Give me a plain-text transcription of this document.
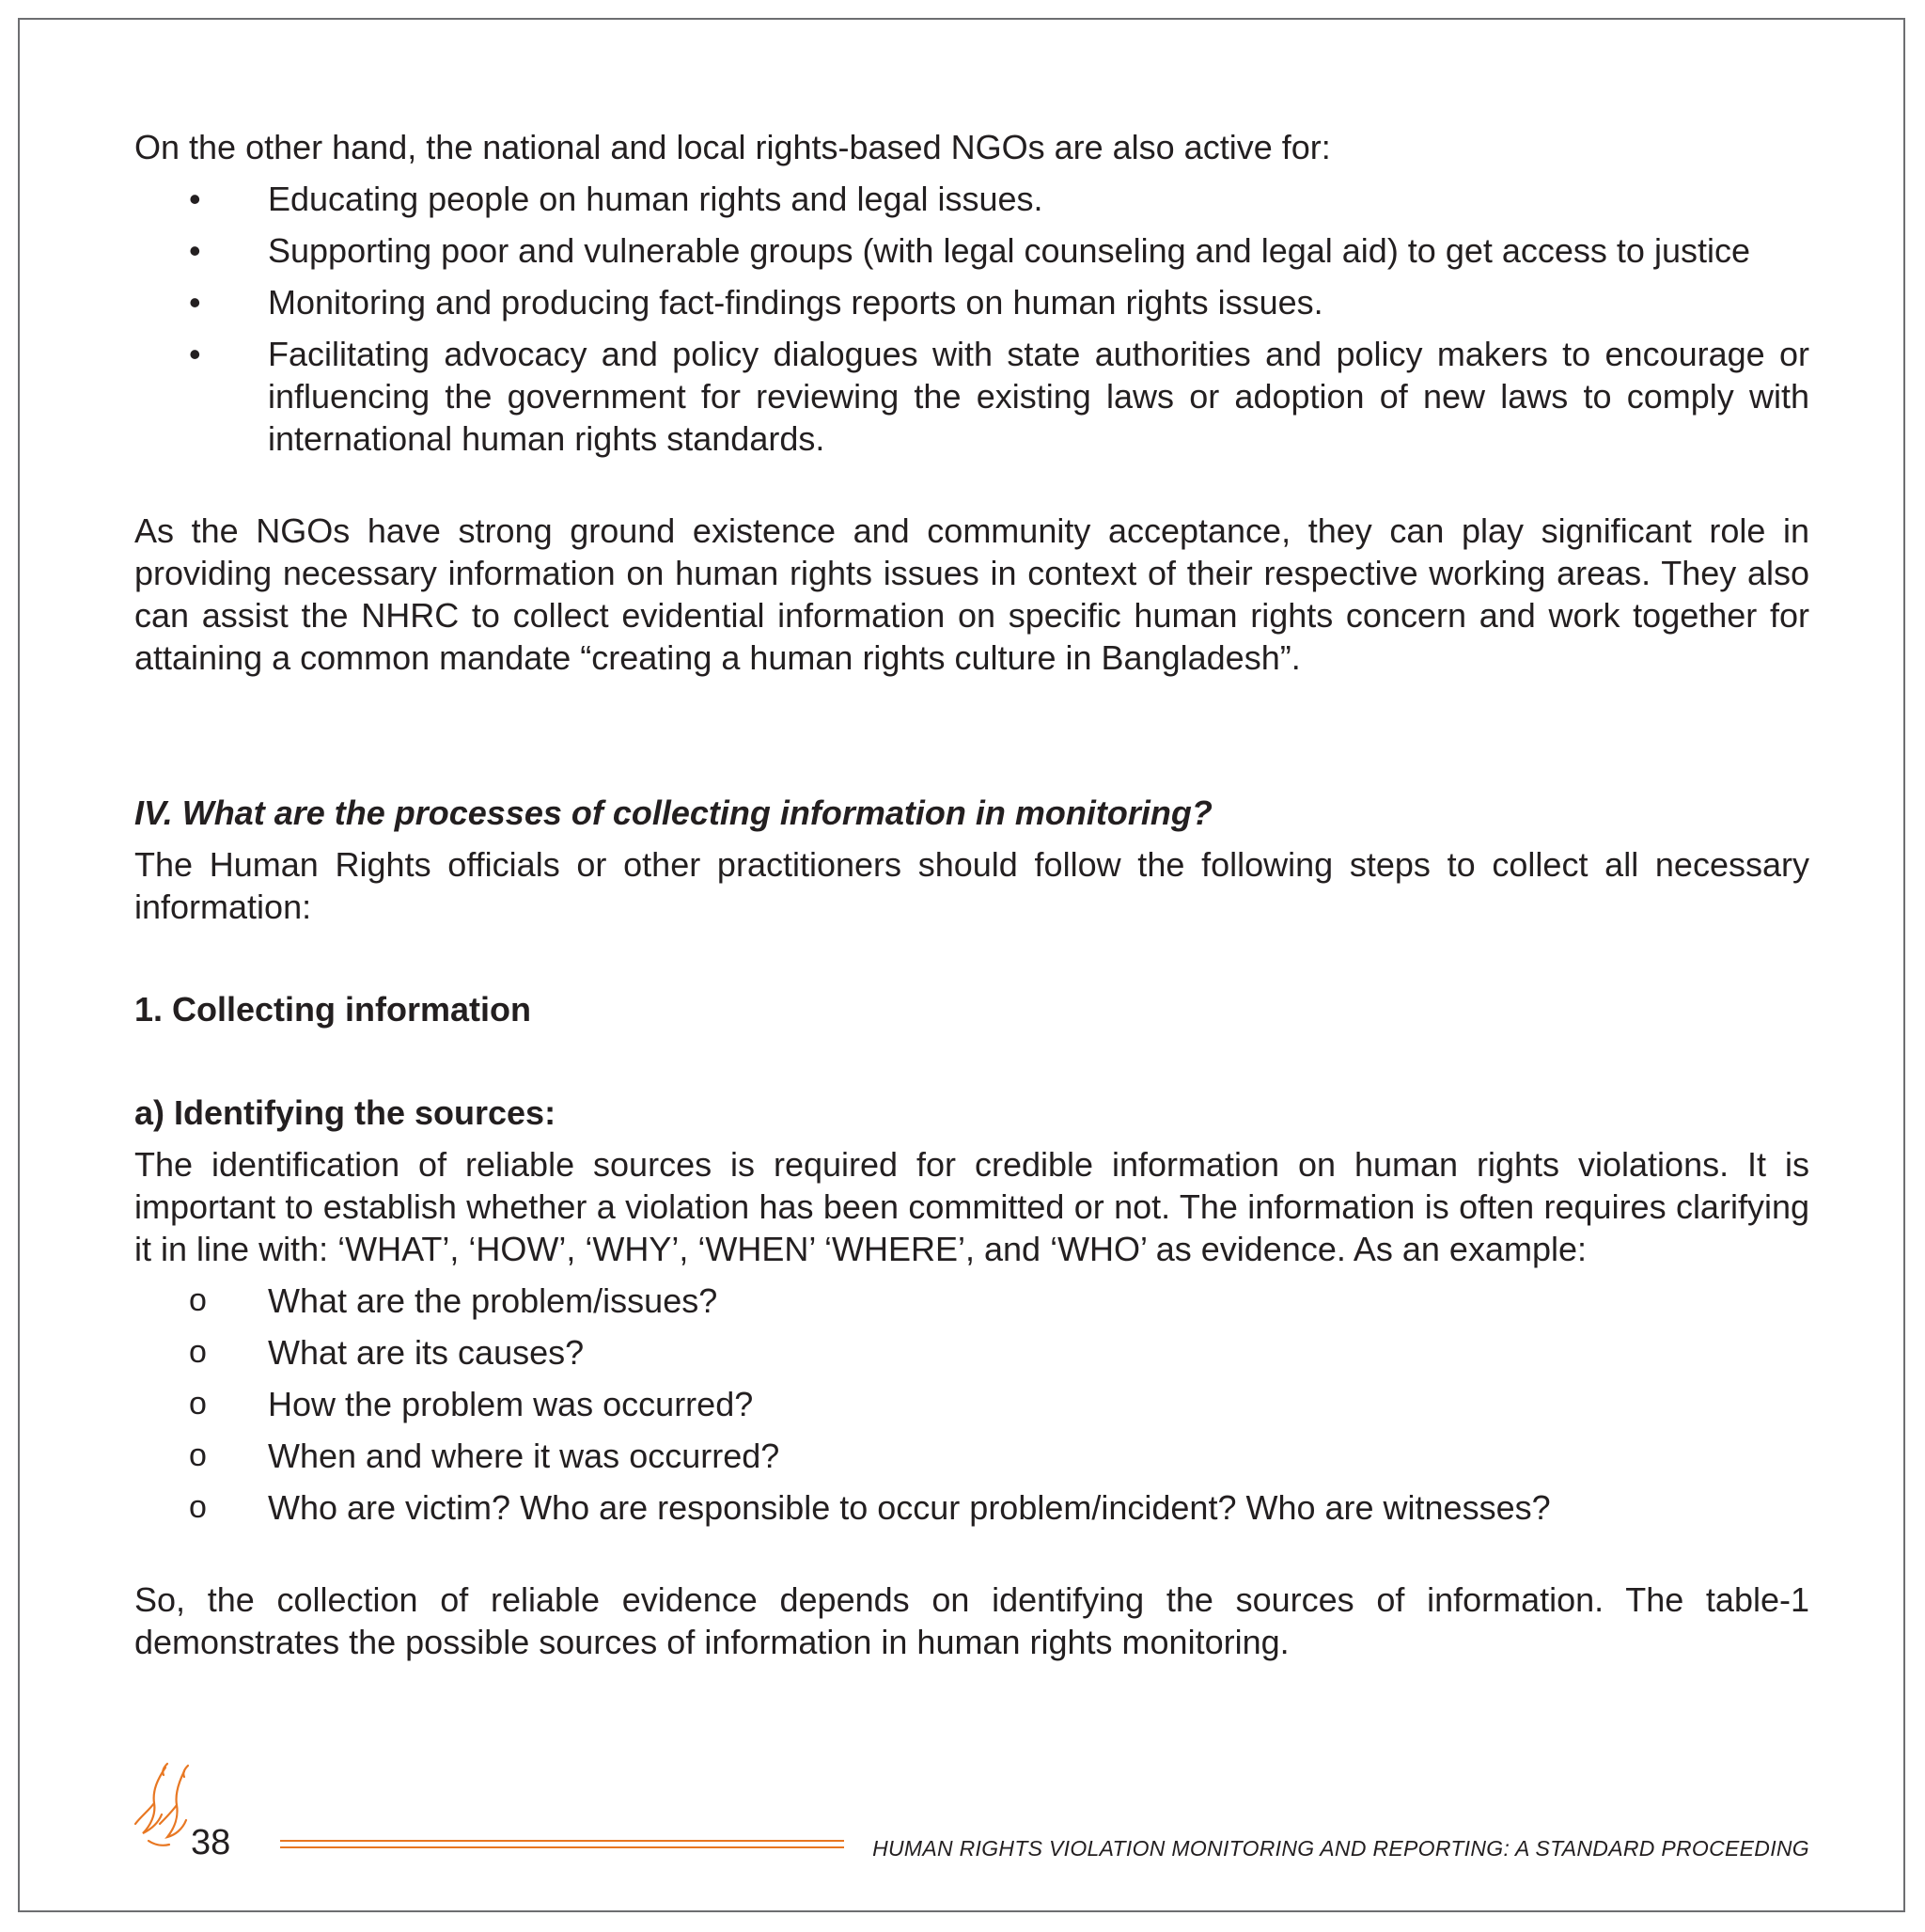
On the other hand, the national and local rights-based NGOs are also active for:

• Educating people on human rights and legal issues.
• Supporting poor and vulnerable groups (with legal counseling and legal aid) to get access to justice
• Monitoring and producing fact-findings reports on human rights issues.
• Facilitating advocacy and policy dialogues with state authorities and policy makers to encourage or influencing the government for reviewing the existing laws or adoption of new laws to comply with international human rights standards.

As the NGOs have strong ground existence and community acceptance, they can play significant role in providing necessary information on human rights issues in context of their respective working areas. They also can assist the NHRC to collect evidential information on specific human rights concern and work together for attaining a common mandate “creating a human rights culture in Bangladesh”.

IV. What are the processes of collecting information in monitoring?

The Human Rights officials or other practitioners should follow the following steps to collect all necessary information:

1. Collecting information

a) Identifying the sources:

The identification of reliable sources is required for credible information on human rights violations. It is important to establish whether a violation has been committed or not. The information is often requires clarifying it in line with: ‘WHAT’, ‘HOW’, ‘WHY’, ‘WHEN’ ‘WHERE’, and ‘WHO’ as evidence. As an example:

o What are the problem/issues?
o What are its causes?
o How the problem was occurred?
o When and where it was occurred?
o Who are victim? Who are responsible to occur problem/incident? Who are witnesses?

So, the collection of reliable evidence depends on identifying the sources of information. The table-1 demonstrates the possible sources of information in human rights monitoring.

38	HUMAN RIGHTS VIOLATION MONITORING AND REPORTING: A STANDARD PROCEEDING
